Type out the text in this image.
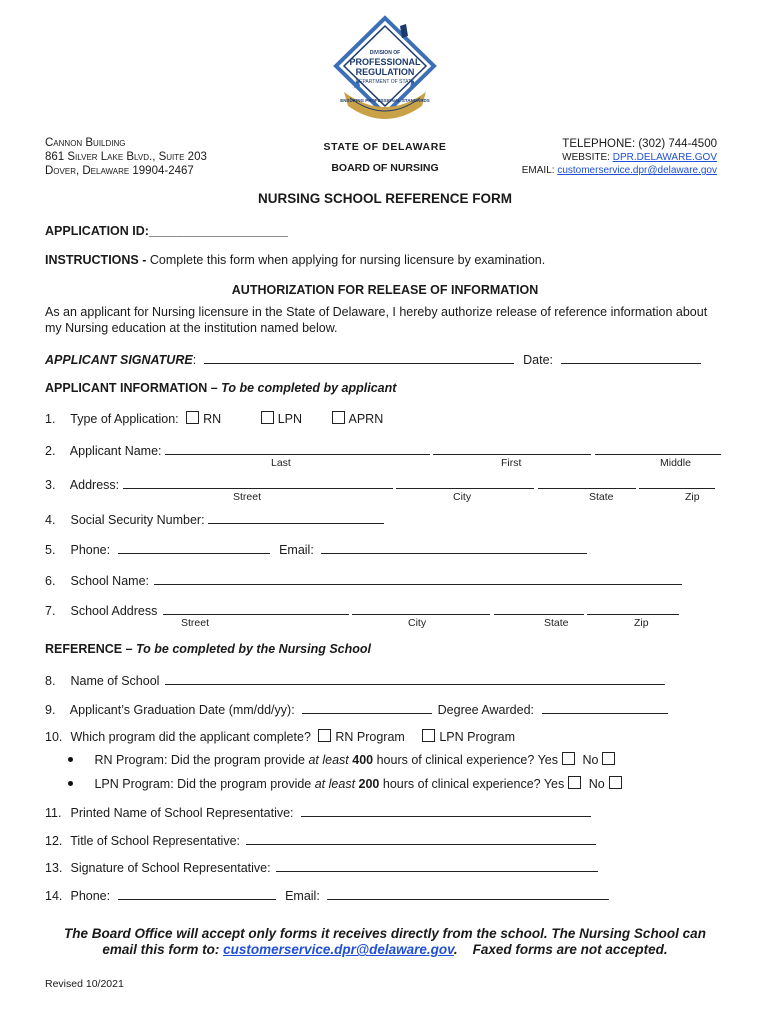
DIVISION OF
PROFESSIONAL
REGULATION
DEPARTMENT OF STATE
ENSURING PROFESSIONAL STANDARDS
Cannon Building
861 Silver Lake Blvd., Suite 203
Dover, Delaware 19904-2467
STATE OF DELAWARE
BOARD OF NURSING
TELEPHONE: (302) 744-4500
WEBSITE: DPR.DELAWARE.GOV
EMAIL: customerservice.dpr@delaware.gov
NURSING SCHOOL REFERENCE FORM
APPLICATION ID:____________________
INSTRUCTIONS - Complete this form when applying for nursing licensure by examination.
AUTHORIZATION FOR RELEASE OF INFORMATION
As an applicant for Nursing licensure in the State of Delaware, I hereby authorize release of reference information about
my Nursing education at the institution named below.
APPLICANT SIGNATURE:	Date:
APPLICANT INFORMATION – To be completed by applicant
1. Type of Application: RN	LPN	APRN
2. Applicant Name:
Last	First	Middle
3. Address:
Street	City	State	Zip
4. Social Security Number:
5. Phone:	Email:
6. School Name:
7. School Address
Street	City	State	Zip
REFERENCE – To be completed by the Nursing School
8. Name of School
9. Applicant’s Graduation Date (mm/dd/yy):	Degree Awarded:
10. Which program did the applicant complete? RN Program	LPN Program
RN Program: Did the program provide at least 400 hours of clinical experience? Yes No
LPN Program: Did the program provide at least 200 hours of clinical experience? Yes No
11. Printed Name of School Representative:
12. Title of School Representative:
13. Signature of School Representative:
14. Phone:	Email:
The Board Office will accept only forms it receives directly from the school. The Nursing School can
email this form to: customerservice.dpr@delaware.gov.    Faxed forms are not accepted.
Revised 10/2021
